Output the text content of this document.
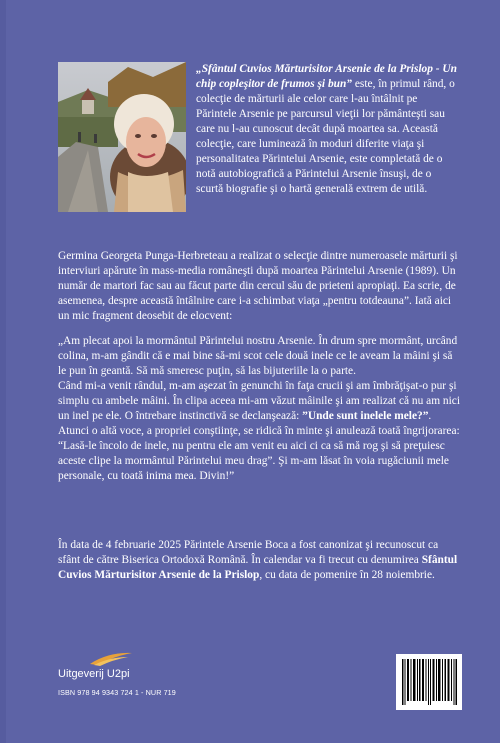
„Sfântul Cuvios Mărturisitor Arsenie de la Prislop - Un chip copleşitor de frumos şi bun” este, în primul rând, o colecţie de mărturii ale celor care l-au întâlnit pe Părintele Arsenie pe parcursul vieţii lor pământeşti sau care nu l-au cunoscut decât după moartea sa. Această colecţie, care luminează în moduri diferite viaţa şi personalitatea Părintelui Arsenie, este completată de o notă autobiografică a Părintelui Arsenie însuşi, de o scurtă biografie şi o hartă generală extrem de utilă.
Germina Georgeta Punga-Herbreteau a realizat o selecţie dintre numeroasele mărturii şi interviuri apărute în mass-media româneşti după moartea Părintelui Arsenie (1989). Un număr de martori fac sau au făcut parte din cercul său de prieteni apropiaţi. Ea scrie, de asemenea, despre această întâlnire care i-a schimbat viaţa „pentru totdeauna”. Iată aici un mic fragment deosebit de elocvent:

„Am plecat apoi la mormântul Părintelui nostru Arsenie. În drum spre mormânt, urcând colina, m-am gândit că e mai bine să-mi scot cele două inele ce le aveam la mâini şi să le pun în geantă. Să mă smeresc puţin, să las bijuteriile la o parte.

Când mi-a venit rândul, m-am aşezat în genunchi în faţa crucii şi am îmbrăţişat-o pur şi simplu cu ambele mâini. În clipa aceea mi-am văzut mâinile şi am realizat că nu am nici un inel pe ele. O întrebare instinctivă se declanşează: ”Unde sunt inelele mele?”. Atunci o altă voce, a propriei conştiinţe, se ridică în minte şi anulează toată îngrijorarea: “Lasă-le încolo de inele, nu pentru ele am venit eu aici ci ca să mă rog şi să preţuiesc aceste clipe la mormântul Părintelui meu drag”. Şi m-am lăsat în voia rugăciunii mele personale, cu toată inima mea. Divin!”

În data de 4 februarie 2025 Părintele Arsenie Boca a fost canonizat şi recunoscut ca sfânt de către Biserica Ortodoxă Română. În calendar va fi trecut cu denumirea Sfântul Cuvios Mărturisitor Arsenie de la Prislop, cu data de pomenire în 28 noiembrie.
Uitgeverij U2pi
ISBN 978 94 9343 724 1 - NUR 719
